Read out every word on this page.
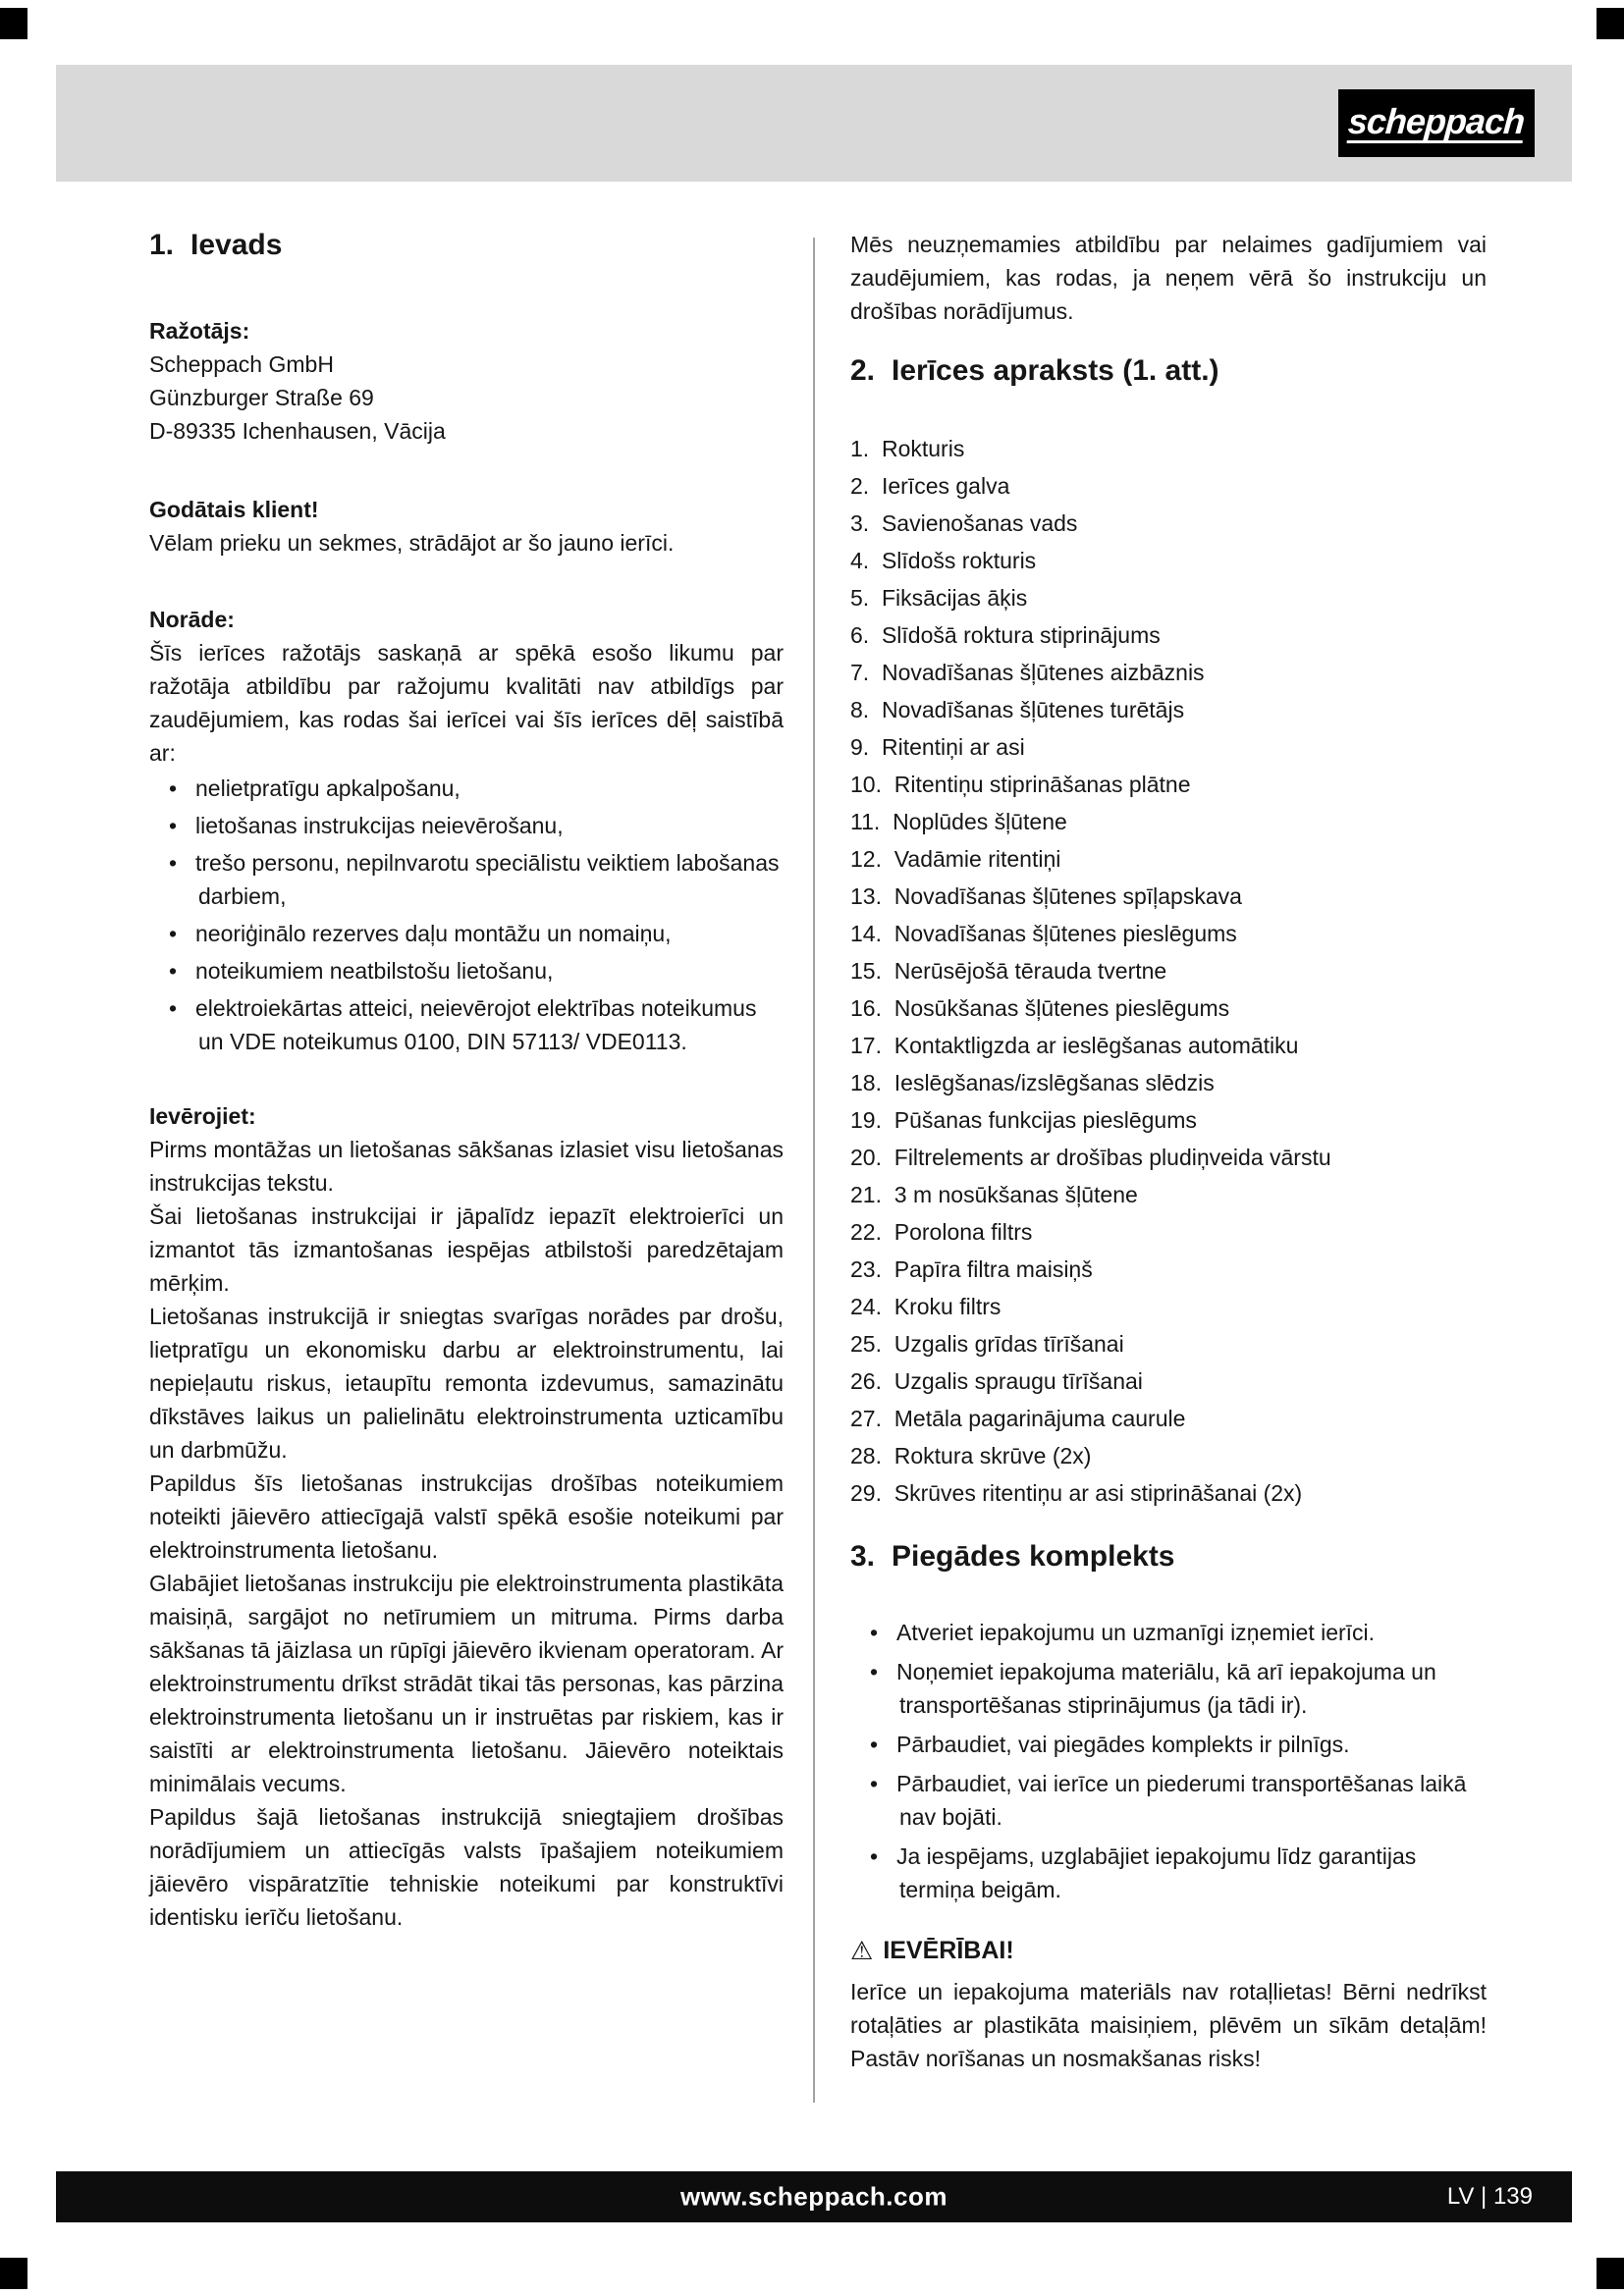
scheppach
1. Ievads

Ražotājs:

Scheppach GmbH

Günzburger Straße 69

D-89335 Ichenhausen, Vācija

Godātais klient!

Vēlam prieku un sekmes, strādājot ar šo jauno ierīci.

Norāde:

Šīs ierīces ražotājs saskaņā ar spēkā esošo likumu par ražotāja atbildību par ražojumu kvalitāti nav atbildīgs par zaudējumiem, kas rodas šai ierīcei vai šīs ierīces dēļ saistībā ar:

• nelietpratīgu apkalpošanu,
• lietošanas instrukcijas neievērošanu,
• trešo personu, nepilnvarotu speciālistu veiktiem labošanas darbiem,
• neoriģinālo rezerves daļu montāžu un nomaiņu,
• noteikumiem neatbilstošu lietošanu,
• elektroiekārtas atteici, neievērojot elektrības noteikumus un VDE noteikumus 0100, DIN 57113/ VDE0113.

Ievērojiet:

Pirms montāžas un lietošanas sākšanas izlasiet visu lietošanas instrukcijas tekstu.

Šai lietošanas instrukcijai ir jāpalīdz iepazīt elektroierīci un izmantot tās izmantošanas iespējas atbilstoši paredzētajam mērķim.

Lietošanas instrukcijā ir sniegtas svarīgas norādes par drošu, lietpratīgu un ekonomisku darbu ar elektroinstrumentu, lai nepieļautu riskus, ietaupītu remonta izdevumus, samazinātu dīkstāves laikus un palielinātu elektroinstrumenta uzticamību un darbmūžu.

Papildus šīs lietošanas instrukcijas drošības noteikumiem noteikti jāievēro attiecīgajā valstī spēkā esošie noteikumi par elektroinstrumenta lietošanu.

Glabājiet lietošanas instrukciju pie elektroinstrumenta plastikāta maisiņā, sargājot no netīrumiem un mitruma. Pirms darba sākšanas tā jāizlasa un rūpīgi jāievēro ikvienam operatoram. Ar elektroinstrumentu drīkst strādāt tikai tās personas, kas pārzina elektroinstrumenta lietošanu un ir instruētas par riskiem, kas ir saistīti ar elektroinstrumenta lietošanu. Jāievēro noteiktais minimālais vecums.

Papildus šajā lietošanas instrukcijā sniegtajiem drošības norādījumiem un attiecīgās valsts īpašajiem noteikumiem jāievēro vispāratzītie tehniskie noteikumi par konstruktīvi identisku ierīču lietošanu.

Mēs neuzņemamies atbildību par nelaimes gadījumiem vai zaudējumiem, kas rodas, ja neņem vērā šo instrukciju un drošības norādījumus.

2. Ierīces apraksts (1. att.)
Rokturis
Ierīces galva
Savienošanas vads
Slīdošs rokturis
Fiksācijas āķis
Slīdošā roktura stiprinājums
Novadīšanas šļūtenes aizbāznis
Novadīšanas šļūtenes turētājs
Ritentiņi ar asi
Ritentiņu stiprināšanas plātne
Noplūdes šļūtene
Vadāmie ritentiņi
Novadīšanas šļūtenes spīļapskava
Novadīšanas šļūtenes pieslēgums
Nerūsējošā tērauda tvertne
Nosūkšanas šļūtenes pieslēgums
Kontaktligzda ar ieslēgšanas automātiku
Ieslēgšanas/izslēgšanas slēdzis
Pūšanas funkcijas pieslēgums
Filtrelements ar drošības pludiņveida vārstu
3 m nosūkšanas šļūtene
Porolona filtrs
Papīra filtra maisiņš
Kroku filtrs
Uzgalis grīdas tīrīšanai
Uzgalis spraugu tīrīšanai
Metāla pagarinājuma caurule
Roktura skrūve (2x)
Skrūves ritentiņu ar asi stiprināšanai (2x)
3. Piegādes komplekts
• Atveriet iepakojumu un uzmanīgi izņemiet ierīci.
• Noņemiet iepakojuma materiālu, kā arī iepakojuma un transportēšanas stiprinājumus (ja tādi ir).
• Pārbaudiet, vai piegādes komplekts ir pilnīgs.
• Pārbaudiet, vai ierīce un piederumi transportēšanas laikā nav bojāti.
• Ja iespējams, uzglabājiet iepakojumu līdz garantijas termiņa beigām.

⚠ IEVĒRĪBAI!

Ierīce un iepakojuma materiāls nav rotaļlietas! Bērni nedrīkst rotaļāties ar plastikāta maisiņiem, plēvēm un sīkām detaļām! Pastāv norīšanas un nosmakšanas risks!

www.scheppach.com	LV | 139
